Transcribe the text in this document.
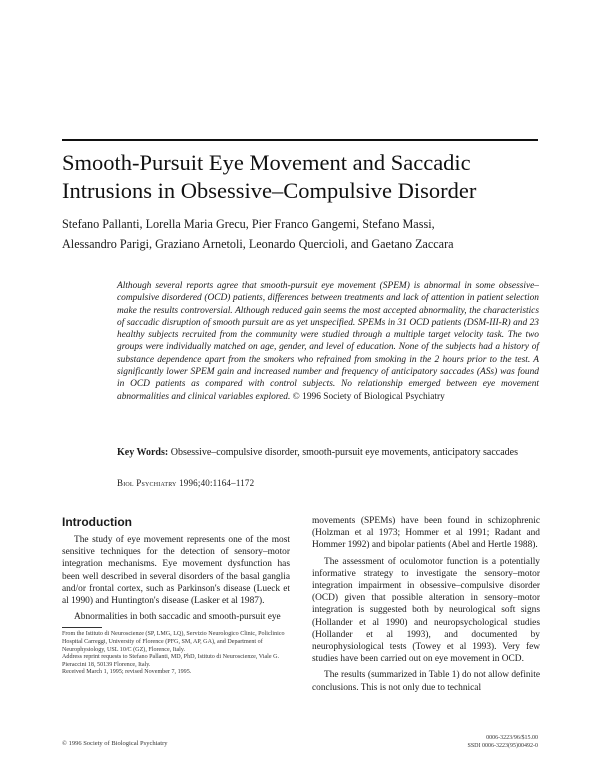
Smooth-Pursuit Eye Movement and Saccadic
Intrusions in Obsessive–Compulsive Disorder
Stefano Pallanti, Lorella Maria Grecu, Pier Franco Gangemi, Stefano Massi,
Alessandro Parigi, Graziano Arnetoli, Leonardo Quercioli, and Gaetano Zaccara
Although several reports agree that smooth-pursuit eye movement (SPEM) is abnormal in some obsessive–compulsive disordered (OCD) patients, differences between treatments and lack of attention in patient selection make the results controversial. Although reduced gain seems the most accepted abnormality, the characteristics of saccadic disruption of smooth pursuit are as yet unspecified. SPEMs in 31 OCD patients (DSM-III-R) and 23 healthy subjects recruited from the community were studied through a multiple target velocity task. The two groups were individually matched on age, gender, and level of education. None of the subjects had a history of substance dependence apart from the smokers who refrained from smoking in the 2 hours prior to the test. A significantly lower SPEM gain and increased number and frequency of anticipatory saccades (ASs) was found in OCD patients as compared with control subjects. No relationship emerged between eye movement abnormalities and clinical variables explored. © 1996 Society of Biological Psychiatry
Key Words: Obsessive–compulsive disorder, smooth-pursuit eye movements, anticipatory saccades
Biol Psychiatry 1996;40:1164–1172
Introduction

The study of eye movement represents one of the most sensitive techniques for the detection of sensory–motor integration mechanisms. Eye movement dysfunction has been well described in several disorders of the basal ganglia and/or frontal cortex, such as Parkinson's disease (Lueck et al 1990) and Huntington's disease (Lasker et al 1987).

Abnormalities in both saccadic and smooth-pursuit eye

From the Istituto di Neuroscienze (SP, LMG, LQ), Servizio Neurologico Clinic, Policlinico Hospital Carreggi, University of Florence (PFG, SM, AP, GA), and Department of Neurophysiology, USL 10/C (GZ), Florence, Italy.

Address reprint requests to Stefano Pallanti, MD, PhD, Istituto di Neuroscienze, Viale G. Pieraccini 18, 50139 Florence, Italy.

Received March 1, 1995; revised November 7, 1995.

movements (SPEMs) have been found in schizophrenic (Holzman et al 1973; Hommer et al 1991; Radant and Hommer 1992) and bipolar patients (Abel and Hertle 1988).

The assessment of oculomotor function is a potentially informative strategy to investigate the sensory–motor integration impairment in obsessive–compulsive disorder (OCD) given that possible alteration in sensory–motor integration is suggested both by neurological soft signs (Hollander et al 1990) and neuropsychological studies (Hollander et al 1993), and documented by neurophysiological tests (Towey et al 1993). Very few studies have been carried out on eye movement in OCD.

The results (summarized in Table 1) do not allow definite conclusions. This is not only due to technical

© 1996 Society of Biological Psychiatry
0006-3223/96/$15.00
SSDI 0006-3223(95)00492-0
